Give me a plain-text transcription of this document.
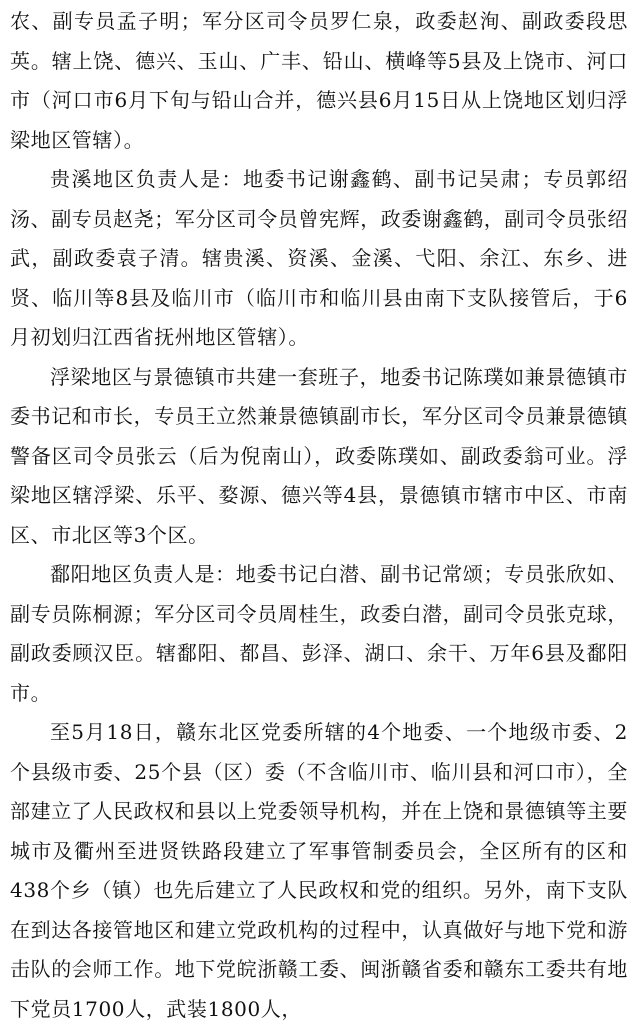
农、副专员孟子明；军分区司令员罗仁泉，政委赵洵、副政委段思英。辖上饶、德兴、玉山、广丰、铅山、横峰等5县及上饶市、河口市（河口市6月下旬与铅山合并，德兴县6月15日从上饶地区划归浮梁地区管辖）。

贵溪地区负责人是：地委书记谢鑫鹤、副书记吴肃；专员郭绍汤、副专员赵尧；军分区司令员曾宪辉，政委谢鑫鹤，副司令员张绍武，副政委袁子清。辖贵溪、资溪、金溪、弋阳、余江、东乡、进贤、临川等8县及临川市（临川市和临川县由南下支队接管后，于6月初划归江西省抚州地区管辖）。

浮梁地区与景德镇市共建一套班子，地委书记陈璞如兼景德镇市委书记和市长，专员王立然兼景德镇副市长，军分区司令员兼景德镇警备区司令员张云（后为倪南山），政委陈璞如、副政委翁可业。浮梁地区辖浮梁、乐平、婺源、德兴等4县，景德镇市辖市中区、市南区、市北区等3个区。

鄱阳地区负责人是：地委书记白潜、副书记常颂；专员张欣如、副专员陈桐源；军分区司令员周桂生，政委白潜，副司令员张克球，副政委顾汉臣。辖鄱阳、都昌、彭泽、湖口、余干、万年6县及鄱阳市。

至5月18日，赣东北区党委所辖的4个地委、一个地级市委、2个县级市委、25个县（区）委（不含临川市、临川县和河口市），全部建立了人民政权和县以上党委领导机构，并在上饶和景德镇等主要城市及衢州至进贤铁路段建立了军事管制委员会，全区所有的区和438个乡（镇）也先后建立了人民政权和党的组织。另外，南下支队在到达各接管地区和建立党政机构的过程中，认真做好与地下党和游击队的会师工作。地下党皖浙赣工委、闽浙赣省委和赣东工委共有地下党员1700人，武装1800人，
